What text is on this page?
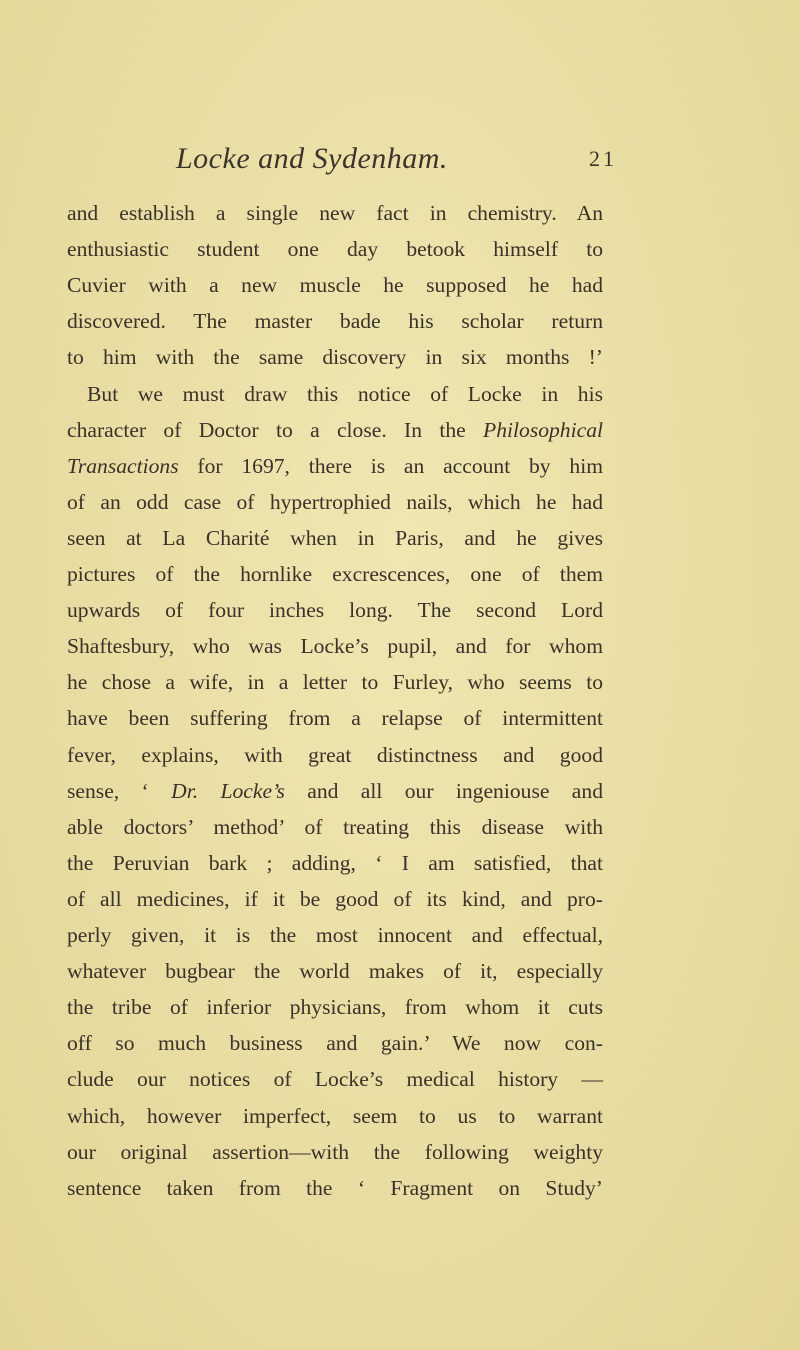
Locke and Sydenham.	21
and establish a single new fact in chemistry. An
enthusiastic student one day betook himself to
Cuvier with a new muscle he supposed he had
discovered. The master bade his scholar return
to him with the same discovery in six months !’
But we must draw this notice of Locke in his
character of Doctor to a close. In the Philosophical
Transactions for 1697, there is an account by him
of an odd case of hypertrophied nails, which he had
seen at La Charité when in Paris, and he gives
pictures of the hornlike excrescences, one of them
upwards of four inches long. The second Lord
Shaftesbury, who was Locke’s pupil, and for whom
he chose a wife, in a letter to Furley, who seems to
have been suffering from a relapse of intermittent
fever, explains, with great distinctness and good
sense, ‘ Dr. Locke’s and all our ingeniouse and
able doctors’ method’ of treating this disease with
the Peruvian bark ; adding, ‘ I am satisfied, that
of all medicines, if it be good of its kind, and pro-
perly given, it is the most innocent and effectual,
whatever bugbear the world makes of it, especially
the tribe of inferior physicians, from whom it cuts
off so much business and gain.’ We now con-
clude our notices of Locke’s medical history —
which, however imperfect, seem to us to warrant
our original assertion—with the following weighty
sentence taken from the ‘ Fragment on Study’
